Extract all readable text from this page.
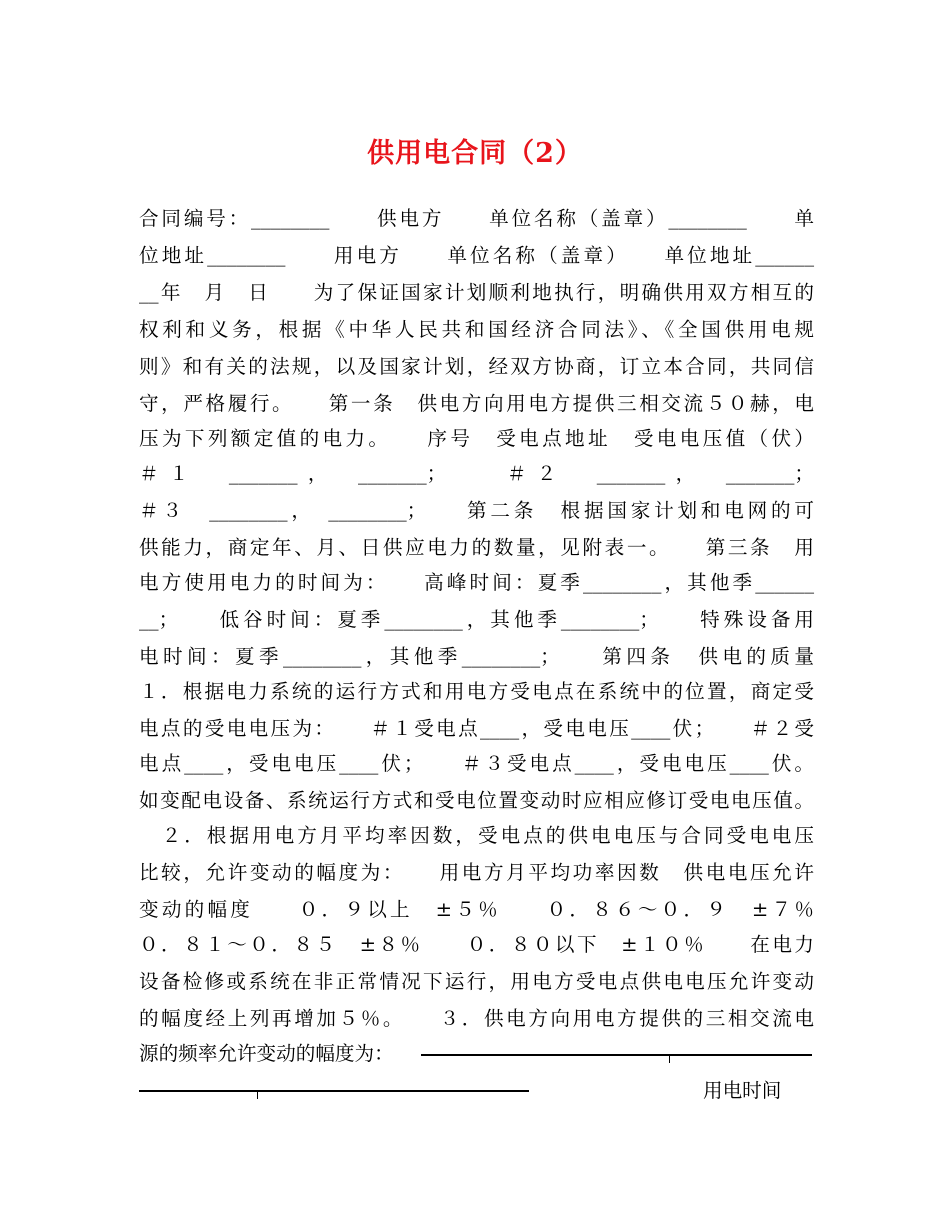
供用电合同（2）
合同编号：________　　供电方　　单位名称（盖章）________　　单
位地址________　　用电方　　单位名称（盖章）　　单位地址______
__年　月　日　　为了保证国家计划顺利地执行，明确供用双方相互的
权利和义务，根据《中华人民共和国经济合同法》、《全国供用电规
则》和有关的法规，以及国家计划，经双方协商，订立本合同，共同信
守，严格履行。　　第一条　供电方向用电方提供三相交流５０赫，电
压为下列额定值的电力。　　序号　受电点地址　受电电压值（伏）
＃１　_______，　_______；　　＃２　_______，　_______；
＃３　________，　________；　　第二条　根据国家计划和电网的可
供能力，商定年、月、日供应电力的数量，见附表一。　　第三条　用
电方使用电力的时间为：　　高峰时间：夏季________，其他季______
__；　　低谷时间：夏季________，其他季________；　　特殊设备用
电时间：夏季________，其他季________；　　第四条　供电的质量
１．根据电力系统的运行方式和用电方受电点在系统中的位置，商定受
电点的受电电压为：　　＃１受电点____，受电电压____伏；　　＃２受
电点____，受电电压____伏；　　＃３受电点____，受电电压____伏。
如变配电设备、系统运行方式和受电位置变动时应相应修订受电电压值。
　２．根据用电方月平均率因数，受电点的供电电压与合同受电电压
比较，允许变动的幅度为：　　用电方月平均功率因数　供电电压允许
变动的幅度　　０．９以上　±５％　　０．８６～０．９　±７％
０．８１～０．８５　±８％　　０．８０以下　±１０％　　在电力
设备检修或系统在非正常情况下运行，用电方受电点供电电压允许变动
的幅度经上列再增加５％。　　３．供电方向用电方提供的三相交流电
源的频率允许变动的幅度为：
用电时间
